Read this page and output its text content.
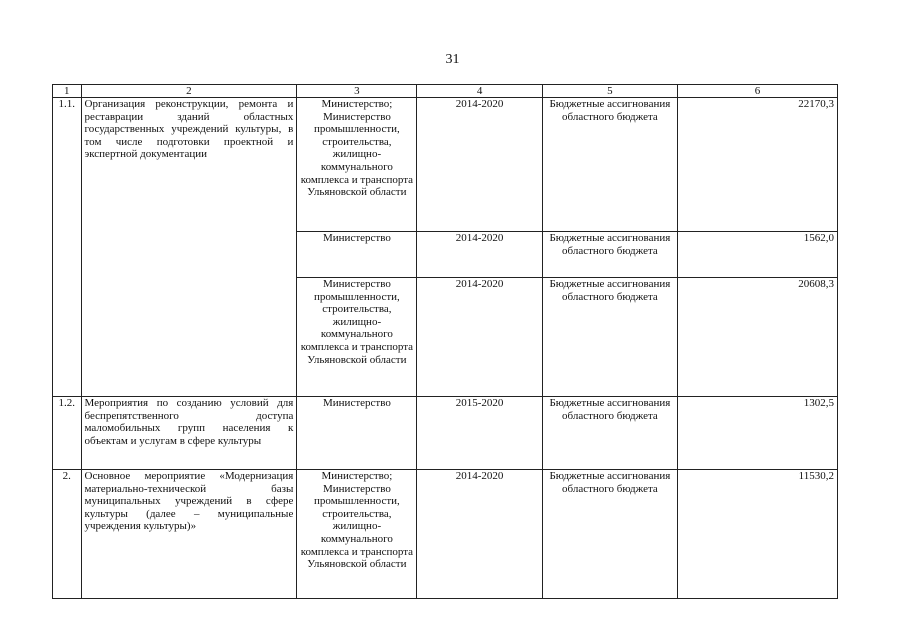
31
1	2	3	4	5	6
1.1.	Организация реконструкции, ремонта и реставрации зданий областных государственных учреждений культуры, в том числе подготовки проектной и экспертной документации	Министерство; Министерство промышленности, строительства, жилищно-коммунального комплекса и транспорта Ульяновской области	2014-2020	Бюджетные ассигнования областного бюджета	22170,3
		Министерство	2014-2020	Бюджетные ассигнования областного бюджета	1562,0
		Министерство промышленности, строительства, жилищно-коммунального комплекса и транспорта Ульяновской области	2014-2020	Бюджетные ассигнования областного бюджета	20608,3
1.2.	Мероприятия по созданию условий для беспрепятственного доступа маломобильных групп населения к объектам и услугам в сфере культуры	Министерство	2015-2020	Бюджетные ассигнования областного бюджета	1302,5
2.	Основное мероприятие «Модернизация материально-технической базы муниципальных учреждений в сфере культуры (далее – муниципальные учреждения культуры)»	Министерство; Министерство промышленности, строительства, жилищно-коммунального комплекса и транспорта Ульяновской области	2014-2020	Бюджетные ассигнования областного бюджета	11530,2
